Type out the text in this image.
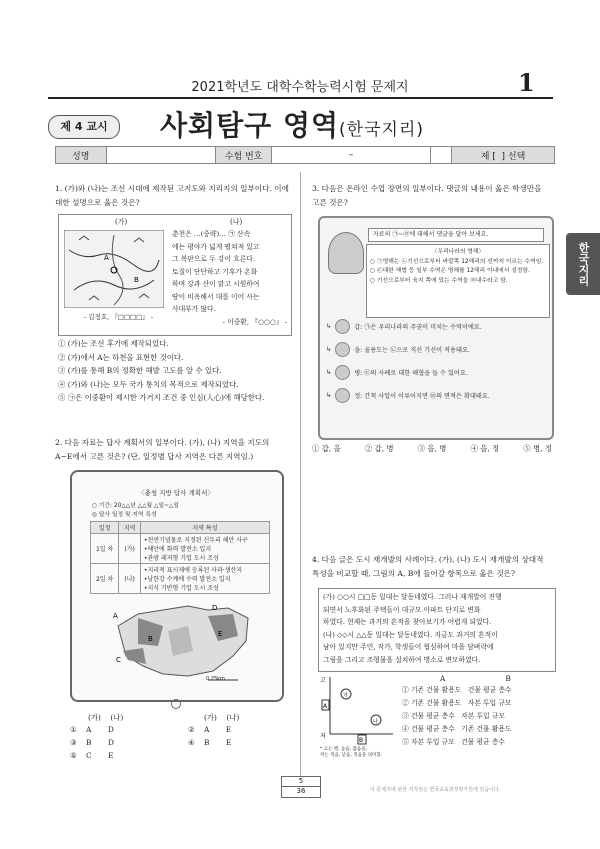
2021학년도 대학수학능력시험 문제지	1
제 4 교시	사회탐구 영역(한국지리)
성명	수험 번호	–	제 [
] 선택
한국지리
1. (가)와 (나)는 조선 시대에 제작된 고지도와 지리지의 일부이다. 이에 대한 설명으로 옳은 것은?
(가)	(나)
A
B
- 김정호, 『□□□□』 -
춘천은 …(중략)… ㉠ 산속
에는 평야가 넓게 펼쳐져 있고
그 복판으로 두 강이 흐른다.
토질이 단단하고 기후가 온화
하며 강과 산이 맑고 시원하여
땅이 비옥해서 대를 이어 사는
사대부가 많다.
- 이중환, 『○○○』 -
① (가)는 조선 후기에 제작되었다.
② (가)에서 A는 하천을 표현한 것이다.
③ (가)를 통해 B의 정확한 해발 고도를 알 수 있다.
④ (가)와 (나)는 모두 국가 통치의 목적으로 제작되었다.
⑤ ㉠은 이중환이 제시한 가거지 조건 중 인심(人心)에 해당한다.
2. 다음 자료는 답사 계획서의 일부이다. (가), (나) 지역을 지도의
A~E에서 고른 것은? (단, 일정별 답사 지역은 다른 지역임.)
〈충청 지방 답사 계획서〉
○ 기간: 20△△년 △△월 △일~△일
◎ 답사 일정 및 지역 특성
일정	지역	지역 특성
1일 차	(가)	•천연기념물로 지정된 신두리 해안 사구
•해안에 화력 발전소 입지
•관광 레저형 기업 도시 조성

2일 차	(나)	•지리적 표시제에 등록된 사과·생산지
•남한강 수계에 수력 발전소 입지
•지식 기반형 기업 도시 조성
A
B
C
D
E
0 25km
(가) (나)	(가) (나)
① A D	② A E
③ B D	④ B E
⑤ C E
3. 다음은 온라인 수업 장면의 일부이다. 댓글의 내용이 옳은 학생만을
고른 것은?
자료의 ㉠~㉣에 대해서 댓글을 달아 보세요.
〈우리나라의 영해〉
○ ㉠영해는 ㉡기선으로부터 바깥쪽 12해리의 선까지 이르는 수역임.
○ ㉢대한 해협 등 일부 수역은 영해를 12해리 이내에서 설정함.
○ 기선으로부터 육지 쪽에 있는 수역을 ㉣내수라고 함.
↳	갑: ㉠은 우리나라의 주권이 미치는 수역이에요.
↳	을: 울릉도는 ㉡으로 직선 기선이 적용돼요.
↳	병: ㉢의 사례로 대한 해협을 들 수 있어요.
↳	정: 간척 사업이 이루어지면 ㉣의 면적은 확대돼요.
① 갑, 을	② 갑, 병	③ 을, 병	④ 을, 정	⑤ 병, 정
4. 다음 글은 도시 재개발의 사례이다. (가), (나) 도시 재개발의 상대적
특성을 비교할 때, 그림의 A, B에 들어갈 항목으로 옳은 것은?
(가) ○○시 □□동 일대는 달동네였다. 그러나 재개발이 진행
되면서 노후화된 주택들이 대규모 아파트 단지로 변화
하였다. 현재는 과거의 흔적을 찾아보기가 어렵게 되었다.
(나) ◇◇시 △△동 일대는 달동네였다. 지금도 과거의 흔적이
남아 있지만 주민, 작가, 학생들이 협심하여 마을 담벼락에
그림을 그리고 조형물을 설치하여 명소로 변모하였다.
고
저
A
B
가
나
* 고는 행, 높음, 많음을,
저는 적음, 낮음, 적음을 의미함.
A	B
① 기존 건물 활용도 건물 평균 층수
② 기존 건물 활용도 자본 투입 규모
③ 건물 평균 층수 자본 투입 규모
④ 건물 평균 층수 기존 건물 활용도
⑤ 자본 투입 규모 건물 평균 층수
5
36	이 문제지에 관한 저작권은 한국교육과정평가원에 있습니다.
